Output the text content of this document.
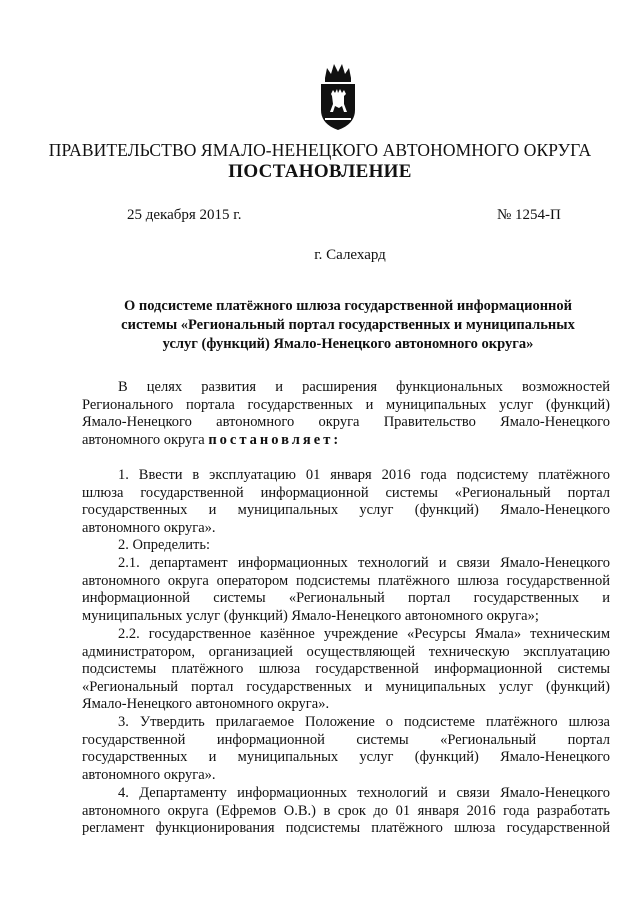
ПРАВИТЕЛЬСТВО ЯМАЛО-НЕНЕЦКОГО АВТОНОМНОГО ОКРУГА
ПОСТАНОВЛЕНИЕ
25 декабря 2015 г.	№ 1254-П
г. Салехард
О подсистеме платёжного шлюза государственной информационной
системы «Региональный портал государственных и муниципальных
услуг (функций) Ямало-Ненецкого автономного округа»

В целях развития и расширения функциональных возможностей
Регионального портала государственных и муниципальных услуг (функций)
Ямало-Ненецкого автономного округа Правительство Ямало-Ненецкого
автономного округа постановляет:

1. Ввести в эксплуатацию 01 января 2016 года подсистему платёжного
шлюза государственной информационной системы «Региональный портал
государственных и муниципальных услуг (функций) Ямало-Ненецкого
автономного округа».

2. Определить:

2.1. департамент информационных технологий и связи Ямало-Ненецкого
автономного округа оператором подсистемы платёжного шлюза государственной
информационной системы «Региональный портал государственных и
муниципальных услуг (функций) Ямало-Ненецкого автономного округа»;

2.2. государственное казённое учреждение «Ресурсы Ямала» техническим
администратором, организацией осуществляющей техническую эксплуатацию
подсистемы платёжного шлюза государственной информационной системы
«Региональный портал государственных и муниципальных услуг (функций)
Ямало-Ненецкого автономного округа».

3. Утвердить прилагаемое Положение о подсистеме платёжного шлюза
государственной информационной системы «Региональный портал
государственных и муниципальных услуг (функций) Ямало-Ненецкого
автономного округа».

4. Департаменту информационных технологий и связи Ямало-Ненецкого
автономного округа (Ефремов О.В.) в срок до 01 января 2016 года разработать
регламент функционирования подсистемы платёжного шлюза государственной
